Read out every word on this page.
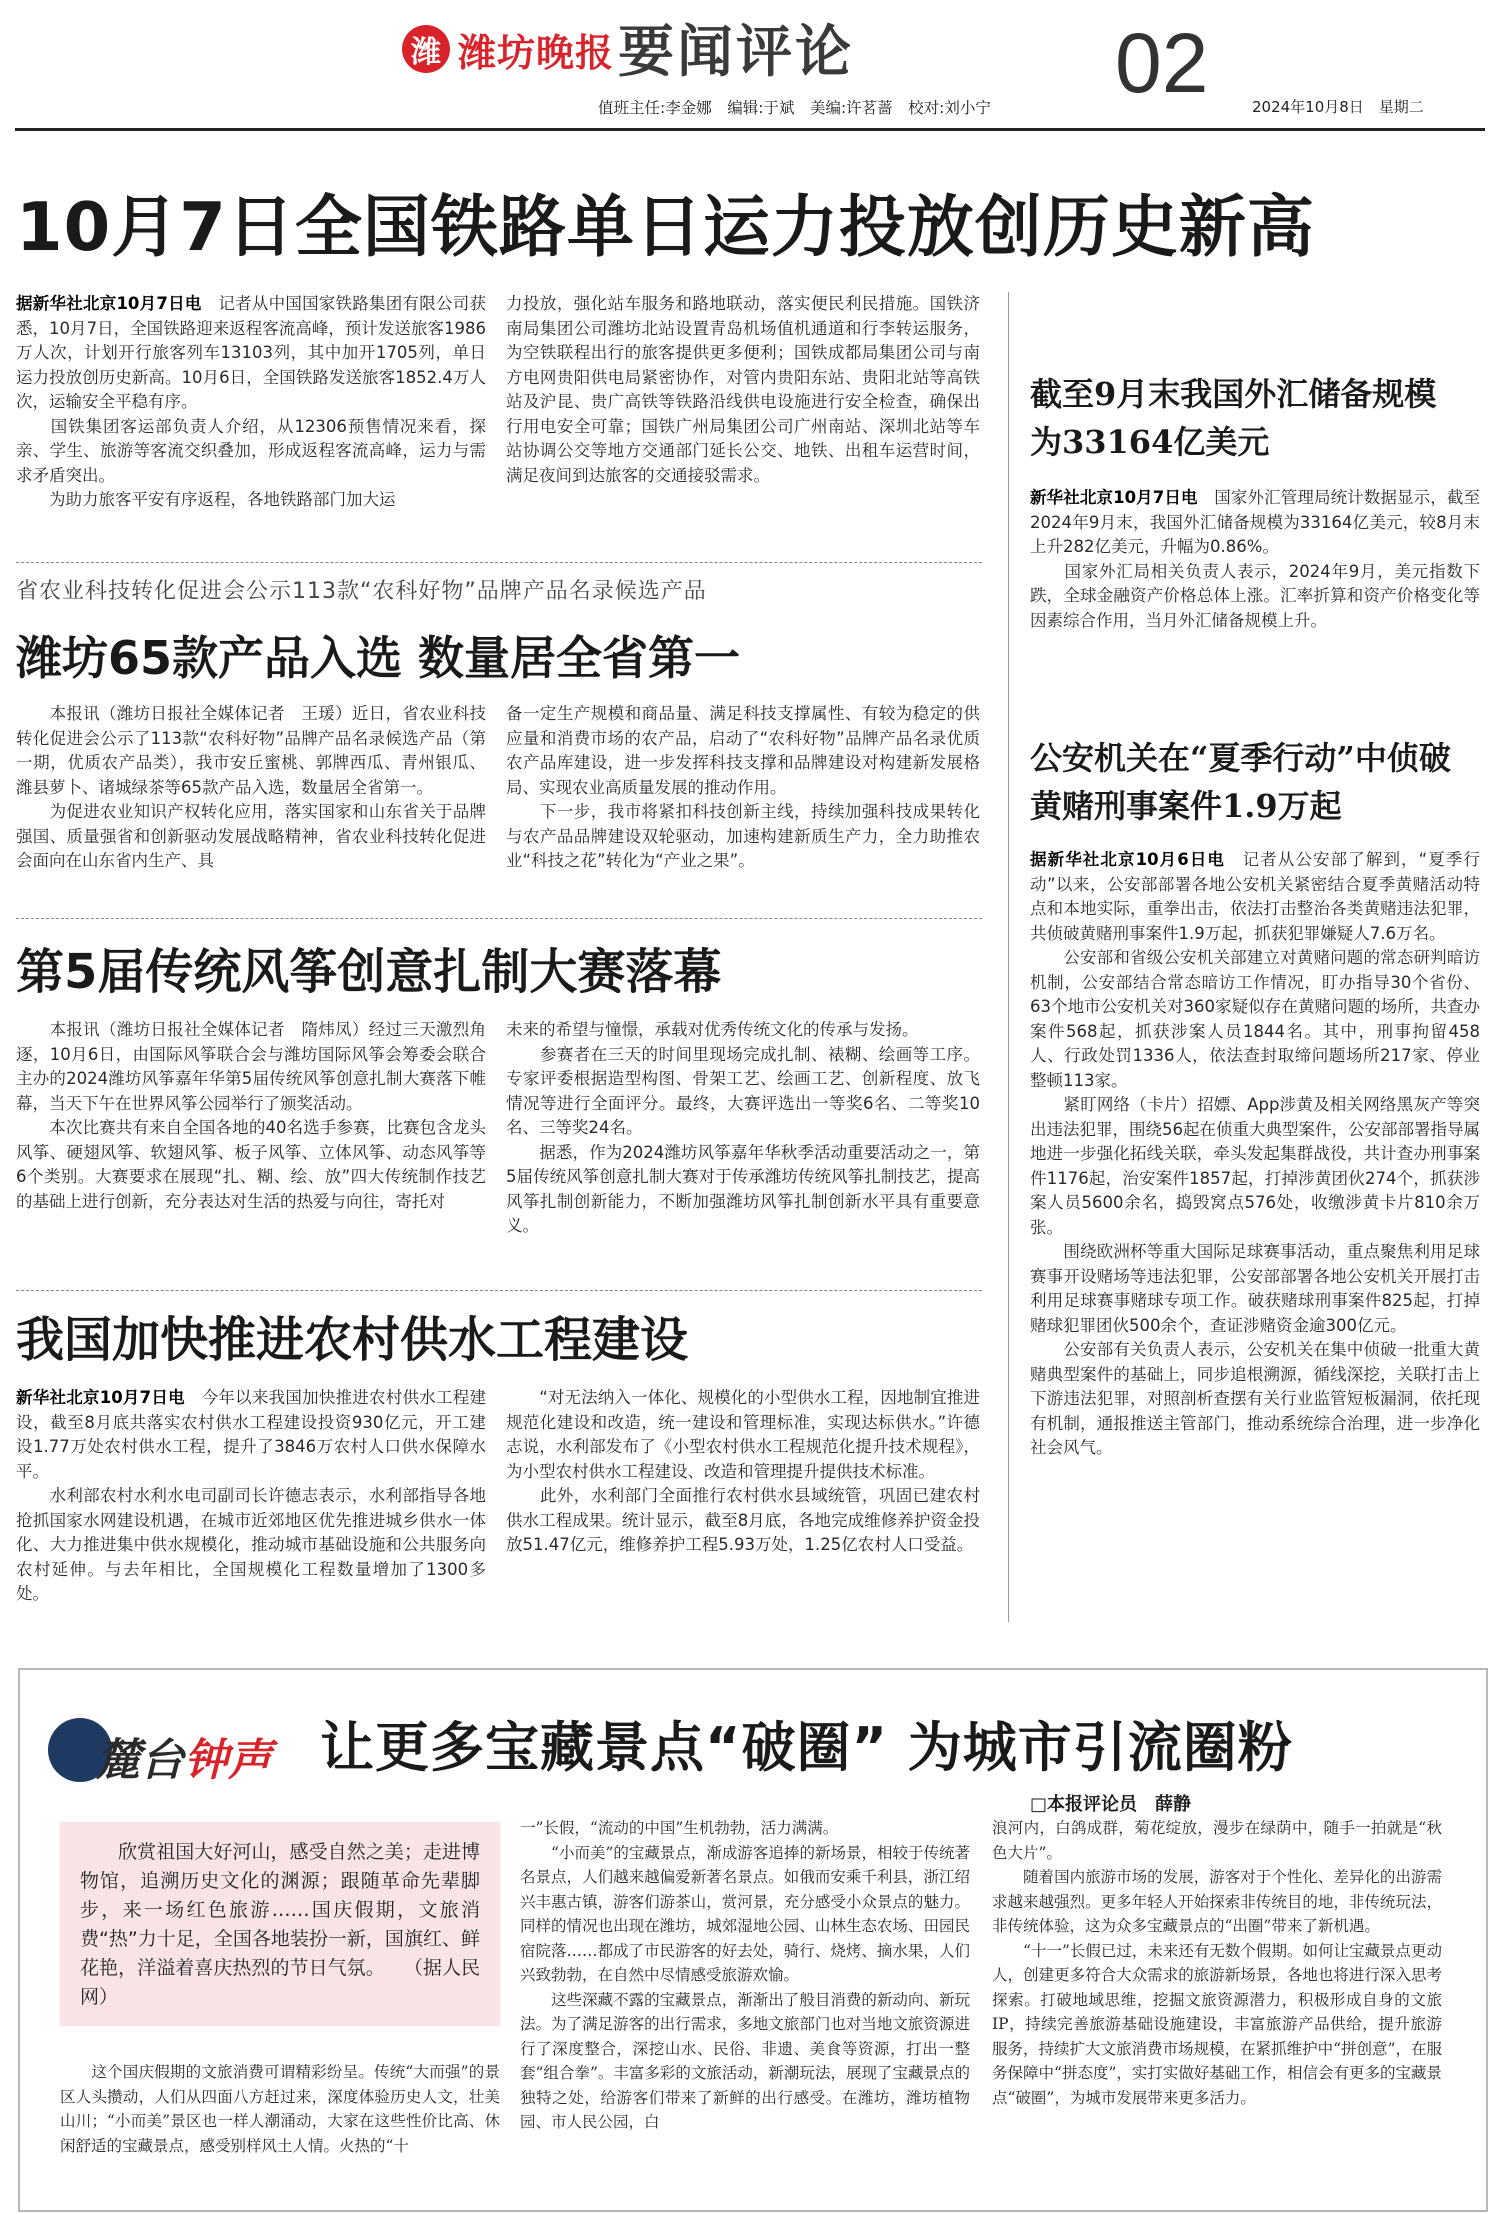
潍 潍坊晚报 要闻评论	02
值班主任:李金娜　编辑:于斌　美编:许茗蔷　校对:刘小宁	2024年10月8日　星期二
10月7日全国铁路单日运力投放创历史新高
据新华社北京10月7日电　记者从中国国家铁路集团有限公司获悉，10月7日，全国铁路迎来返程客流高峰，预计发送旅客1986万人次，计划开行旅客列车13103列，其中加开1705列，单日运力投放创历史新高。10月6日，全国铁路发送旅客1852.4万人次，运输安全平稳有序。
　　国铁集团客运部负责人介绍，从12306预售情况来看，探亲、学生、旅游等客流交织叠加，形成返程客流高峰，运力与需求矛盾突出。
　　为助力旅客平安有序返程，各地铁路部门加大运
力投放，强化站车服务和路地联动，落实便民利民措施。国铁济南局集团公司潍坊北站设置青岛机场值机通道和行李转运服务，为空铁联程出行的旅客提供更多便利；国铁成都局集团公司与南方电网贵阳供电局紧密协作，对管内贵阳东站、贵阳北站等高铁站及沪昆、贵广高铁等铁路沿线供电设施进行安全检查，确保出行用电安全可靠；国铁广州局集团公司广州南站、深圳北站等车站协调公交等地方交通部门延长公交、地铁、出租车运营时间，满足夜间到达旅客的交通接驳需求。
省农业科技转化促进会公示113款“农科好物”品牌产品名录候选产品
潍坊65款产品入选 数量居全省第一
　　本报讯（潍坊日报社全媒体记者　王瑗）近日，省农业科技转化促进会公示了113款“农科好物”品牌产品名录候选产品（第一期，优质农产品类），我市安丘蜜桃、郭牌西瓜、青州银瓜、潍县萝卜、诸城绿茶等65款产品入选，数量居全省第一。
　　为促进农业知识产权转化应用，落实国家和山东省关于品牌强国、质量强省和创新驱动发展战略精神，省农业科技转化促进会面向在山东省内生产、具
备一定生产规模和商品量、满足科技支撑属性、有较为稳定的供应量和消费市场的农产品，启动了“农科好物”品牌产品名录优质农产品库建设，进一步发挥科技支撑和品牌建设对构建新发展格局、实现农业高质量发展的推动作用。
　　下一步，我市将紧扣科技创新主线，持续加强科技成果转化与农产品品牌建设双轮驱动，加速构建新质生产力，全力助推农业“科技之花”转化为“产业之果”。
第5届传统风筝创意扎制大赛落幕
　　本报讯（潍坊日报社全媒体记者　隋炜凤）经过三天激烈角逐，10月6日，由国际风筝联合会与潍坊国际风筝会筹委会联合主办的2024潍坊风筝嘉年华第5届传统风筝创意扎制大赛落下帷幕，当天下午在世界风筝公园举行了颁奖活动。
　　本次比赛共有来自全国各地的40名选手参赛，比赛包含龙头风筝、硬翅风筝、软翅风筝、板子风筝、立体风筝、动态风筝等6个类别。大赛要求在展现“扎、糊、绘、放”四大传统制作技艺的基础上进行创新，充分表达对生活的热爱与向往，寄托对
未来的希望与憧憬，承载对优秀传统文化的传承与发扬。
　　参赛者在三天的时间里现场完成扎制、裱糊、绘画等工序。专家评委根据造型构图、骨架工艺、绘画工艺、创新程度、放飞情况等进行全面评分。最终，大赛评选出一等奖6名、二等奖10名、三等奖24名。
　　据悉，作为2024潍坊风筝嘉年华秋季活动重要活动之一，第5届传统风筝创意扎制大赛对于传承潍坊传统风筝扎制技艺，提高风筝扎制创新能力，不断加强潍坊风筝扎制创新水平具有重要意义。
我国加快推进农村供水工程建设
新华社北京10月7日电　今年以来我国加快推进农村供水工程建设，截至8月底共落实农村供水工程建设投资930亿元，开工建设1.77万处农村供水工程，提升了3846万农村人口供水保障水平。
　　水利部农村水利水电司副司长许德志表示，水利部指导各地抢抓国家水网建设机遇，在城市近郊地区优先推进城乡供水一体化、大力推进集中供水规模化，推动城市基础设施和公共服务向农村延伸。与去年相比，全国规模化工程数量增加了1300多处。
　　“对无法纳入一体化、规模化的小型供水工程，因地制宜推进规范化建设和改造，统一建设和管理标准，实现达标供水。”许德志说，水利部发布了《小型农村供水工程规范化提升技术规程》，为小型农村供水工程建设、改造和管理提升提供技术标准。
　　此外，水利部门全面推行农村供水县域统管，巩固已建农村供水工程成果。统计显示，截至8月底，各地完成维修养护资金投放51.47亿元，维修养护工程5.93万处，1.25亿农村人口受益。
截至9月末我国外汇储备规模为33164亿美元
新华社北京10月7日电　国家外汇管理局统计数据显示，截至2024年9月末，我国外汇储备规模为33164亿美元，较8月末上升282亿美元，升幅为0.86%。
　　国家外汇局相关负责人表示，2024年9月，美元指数下跌，全球金融资产价格总体上涨。汇率折算和资产价格变化等因素综合作用，当月外汇储备规模上升。
公安机关在“夏季行动”中侦破黄赌刑事案件1.9万起
据新华社北京10月6日电　记者从公安部了解到，“夏季行动”以来，公安部部署各地公安机关紧密结合夏季黄赌活动特点和本地实际，重拳出击，依法打击整治各类黄赌违法犯罪，共侦破黄赌刑事案件1.9万起，抓获犯罪嫌疑人7.6万名。
　　公安部和省级公安机关部建立对黄赌问题的常态研判暗访机制，公安部结合常态暗访工作情况，盯办指导30个省份、63个地市公安机关对360家疑似存在黄赌问题的场所，共查办案件568起，抓获涉案人员1844名。其中，刑事拘留458人、行政处罚1336人，依法查封取缔问题场所217家、停业整顿113家。
　　紧盯网络（卡片）招嫖、App涉黄及相关网络黑灰产等突出违法犯罪，围绕56起在侦重大典型案件，公安部部署指导属地进一步强化拓线关联，牵头发起集群战役，共计查办刑事案件1176起，治安案件1857起，打掉涉黄团伙274个，抓获涉案人员5600余名，捣毁窝点576处，收缴涉黄卡片810余万张。
　　围绕欧洲杯等重大国际足球赛事活动，重点聚焦利用足球赛事开设赌场等违法犯罪，公安部部署各地公安机关开展打击利用足球赛事赌球专项工作。破获赌球刑事案件825起，打掉赌球犯罪团伙500余个，查证涉赌资金逾300亿元。
　　公安部有关负责人表示，公安机关在集中侦破一批重大黄赌典型案件的基础上，同步追根溯源，循线深挖，关联打击上下游违法犯罪，对照剖析查摆有关行业监管短板漏洞，依托现有机制，通报推送主管部门，推动系统综合治理，进一步净化社会风气。
麓台钟声 让更多宝藏景点“破圈” 为城市引流圈粉
□本报评论员　薛静
　　欣赏祖国大好河山，感受自然之美；走进博物馆，追溯历史文化的渊源；跟随革命先辈脚步，来一场红色旅游……国庆假期，文旅消费“热”力十足，全国各地装扮一新，国旗红、鲜花艳，洋溢着喜庆热烈的节日气氛。　　（据人民网）
　　这个国庆假期的文旅消费可谓精彩纷呈。传统“大而强”的景区人头攒动，人们从四面八方赶过来，深度体验历史人文，壮美山川；“小而美”景区也一样人潮涌动，大家在这些性价比高、休闲舒适的宝藏景点，感受别样风土人情。火热的“十
一”长假，“流动的中国”生机勃勃，活力满满。
　　“小而美”的宝藏景点，渐成游客追捧的新场景，相较于传统著名景点，人们越来越偏爱新著名景点。如俄而安乘千利县，浙江绍兴丰惠古镇，游客们游茶山，赏河景，充分感受小众景点的魅力。同样的情况也出现在潍坊，城郊湿地公园、山林生态农场、田园民宿院落……都成了市民游客的好去处，骑行、烧烤、摘水果，人们兴致勃勃，在自然中尽情感受旅游欢愉。
　　这些深藏不露的宝藏景点，渐渐出了般目消费的新动向、新玩法。为了满足游客的出行需求，多地文旅部门也对当地文旅资源进行了深度整合，深挖山水、民俗、非遗、美食等资源，打出一整套“组合拳”。丰富多彩的文旅活动，新潮玩法，展现了宝藏景点的独特之处，给游客们带来了新鲜的出行感受。在潍坊，潍坊植物园、市人民公园，白
浪河内，白鸽成群，菊花绽放，漫步在绿荫中，随手一拍就是“秋色大片”。
　　随着国内旅游市场的发展，游客对于个性化、差异化的出游需求越来越强烈。更多年轻人开始探索非传统目的地，非传统玩法，非传统体验，这为众多宝藏景点的“出圈”带来了新机遇。
　　“十一”长假已过，未来还有无数个假期。如何让宝藏景点更动人，创建更多符合大众需求的旅游新场景，各地也将进行深入思考探索。打破地域思维，挖掘文旅资源潜力，积极形成自身的文旅IP，持续完善旅游基础设施建设，丰富旅游产品供给，提升旅游服务，持续扩大文旅消费市场规模，在紧抓维护中“拼创意”，在服务保障中“拼态度”，实打实做好基础工作，相信会有更多的宝藏景点“破圈”，为城市发展带来更多活力。
